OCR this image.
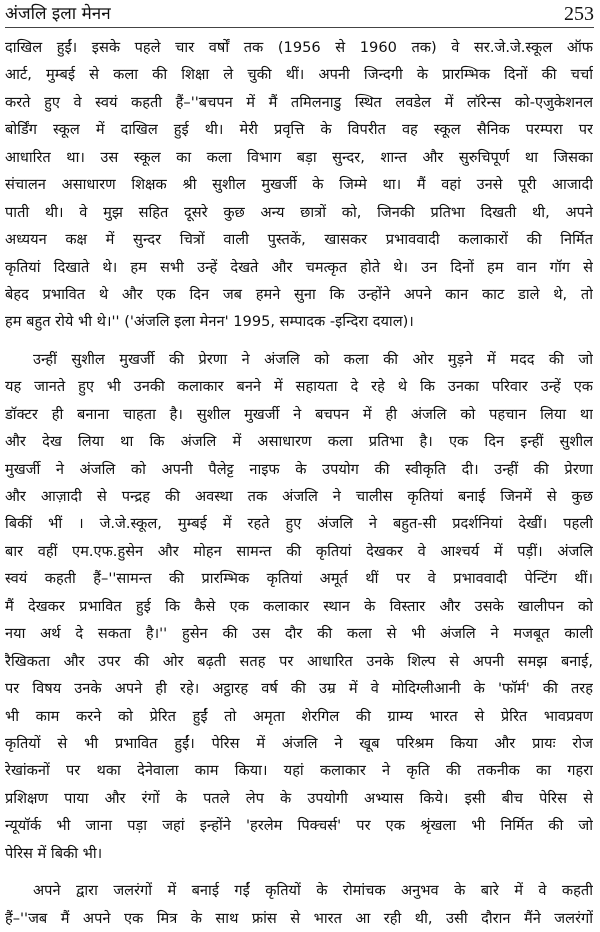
अंजलि इला मेनन	253
दाखिल हुईं। इसके पहले चार वर्षों तक (1956 से 1960 तक) वे सर.जे.जे.स्कूल ऑफ
आर्ट, मुम्बई से कला की शिक्षा ले चुकी थीं। अपनी जिन्दगी के प्रारम्भिक दिनों की चर्चा
करते हुए वे स्वयं कहती हैं–''बचपन में मैं तमिलनाडु स्थित लवडेल में लॉरेन्स को-एजुकेशनल
बोर्डिंग स्कूल में दाखिल हुई थी। मेरी प्रवृत्ति के विपरीत वह स्कूल सैनिक परम्परा पर
आधारित था। उस स्कूल का कला विभाग बड़ा सुन्दर, शान्त और सुरुचिपूर्ण था जिसका
संचालन असाधारण शिक्षक श्री सुशील मुखर्जी के जिम्मे था। मैं वहां उनसे पूरी आजादी
पाती थी। वे मुझ सहित दूसरे कुछ अन्य छात्रों को, जिनकी प्रतिभा दिखती थी, अपने
अध्ययन कक्ष में सुन्दर चित्रों वाली पुस्तकें, खासकर प्रभाववादी कलाकारों की निर्मित
कृतियां दिखाते थे। हम सभी उन्हें देखते और चमत्कृत होते थे। उन दिनों हम वान गॉग से
बेहद प्रभावित थे और एक दिन जब हमने सुना कि उन्होंने अपने कान काट डाले थे, तो
हम बहुत रोये भी थे।'' ('अंजलि इला मेनन' 1995, सम्पादक -इन्दिरा दयाल)।
उन्हीं सुशील मुखर्जी की प्रेरणा ने अंजलि को कला की ओर मुड़ने में मदद की जो
यह जानते हुए भी उनकी कलाकार बनने में सहायता दे रहे थे कि उनका परिवार उन्हें एक
डॉक्टर ही बनाना चाहता है। सुशील मुखर्जी ने बचपन में ही अंजलि को पहचान लिया था
और देख लिया था कि अंजलि में असाधारण कला प्रतिभा है। एक दिन इन्हीं सुशील
मुखर्जी ने अंजलि को अपनी पैलेट्ट नाइफ के उपयोग की स्वीकृति दी। उन्हीं की प्रेरणा
और आज़ादी से पन्द्रह की अवस्था तक अंजलि ने चालीस कृतियां बनाई जिनमें से कुछ
बिकीं भीं । जे.जे.स्कूल, मुम्बई में रहते हुए अंजलि ने बहुत-सी प्रदर्शनियां देखीं। पहली
बार वहीं एम.एफ.हुसेन और मोहन सामन्त की कृतियां देखकर वे आश्चर्य में पड़ीं। अंजलि
स्वयं कहती हैं–''सामन्त की प्रारम्भिक कृतियां अमूर्त थीं पर वे प्रभाववादी पेन्टिंग थीं।
मैं देखकर प्रभावित हुई कि कैसे एक कलाकार स्थान के विस्तार और उसके खालीपन को
नया अर्थ दे सकता है।'' हुसेन की उस दौर की कला से भी अंजलि ने मजबूत काली
रैखिकता और उपर की ओर बढ़ती सतह पर आधारित उनके शिल्प से अपनी समझ बनाई,
पर विषय उनके अपने ही रहे। अट्ठारह वर्ष की उम्र में वे मोदिग्लीआनी के 'फॉर्म' की तरह
भी काम करने को प्रेरित हुईं तो अमृता शेरगिल की ग्राम्य भारत से प्रेरित भावप्रवण
कृतियों से भी प्रभावित हुईं। पेरिस में अंजलि ने खूब परिश्रम किया और प्रायः रोज
रेखांकनों पर थका देनेवाला काम किया। यहां कलाकार ने कृति की तकनीक का गहरा
प्रशिक्षण पाया और रंगों के पतले लेप के उपयोगी अभ्यास किये। इसी बीच पेरिस से
न्यूयॉर्क भी जाना पड़ा जहां इन्होंने 'हरलेम पिक्चर्स' पर एक श्रृंखला भी निर्मित की जो
पेरिस में बिकी भी।
अपने द्वारा जलरंगों में बनाई गईं कृतियों के रोमांचक अनुभव के बारे में वे कहती
हैं–''जब मैं अपने एक मित्र के साथ फ्रांस से भारत आ रही थी, उसी दौरान मैंने जलरंगों
